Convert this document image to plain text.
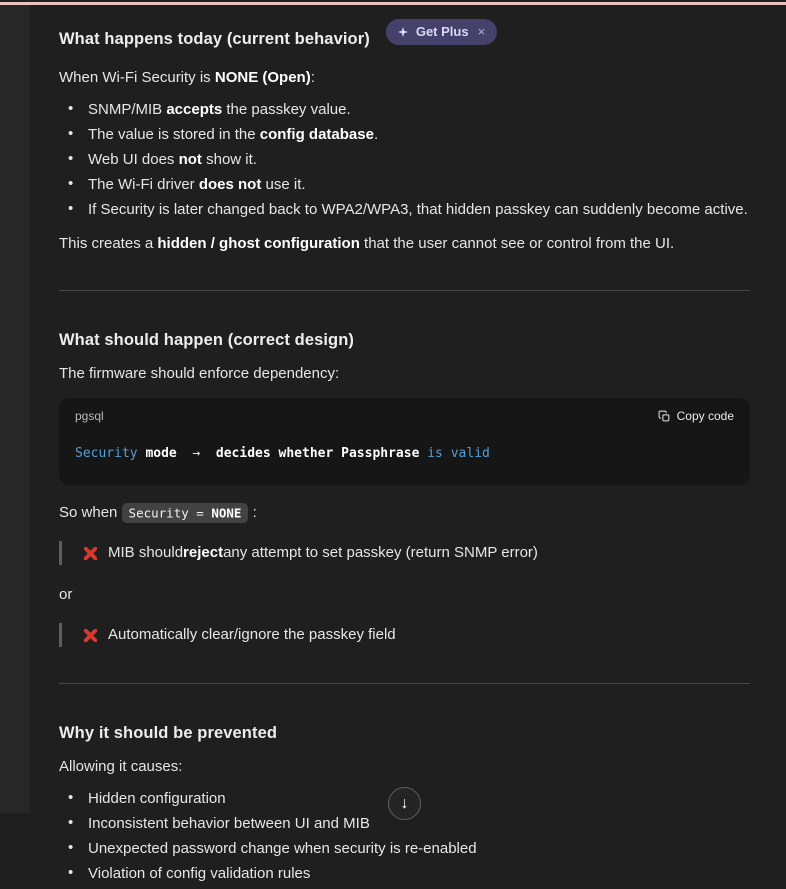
What happens today (current behavior)	Get Plus ×

When Wi-Fi Security is NONE (Open):

• SNMP/MIB accepts the passkey value.
• The value is stored in the config database.
• Web UI does not show it.
• The Wi-Fi driver does not use it.
• If Security is later changed back to WPA2/WPA3, that hidden passkey can suddenly become active.

This creates a hidden / ghost configuration that the user cannot see or control from the UI.

What should happen (correct design)

The firmware should enforce dependency:

pgsql	Copy code
Security mode  →  decides whether Passphrase is valid

So when Security = NONE :

MIB should reject any attempt to set passkey (return SNMP error)

or

Automatically clear/ignore the passkey field
Why it should be prevented

Allowing it causes:

• Hidden configuration
• Inconsistent behavior between UI and MIB
• Unexpected password change when security is re-enabled
• Violation of config validation rules
↓
